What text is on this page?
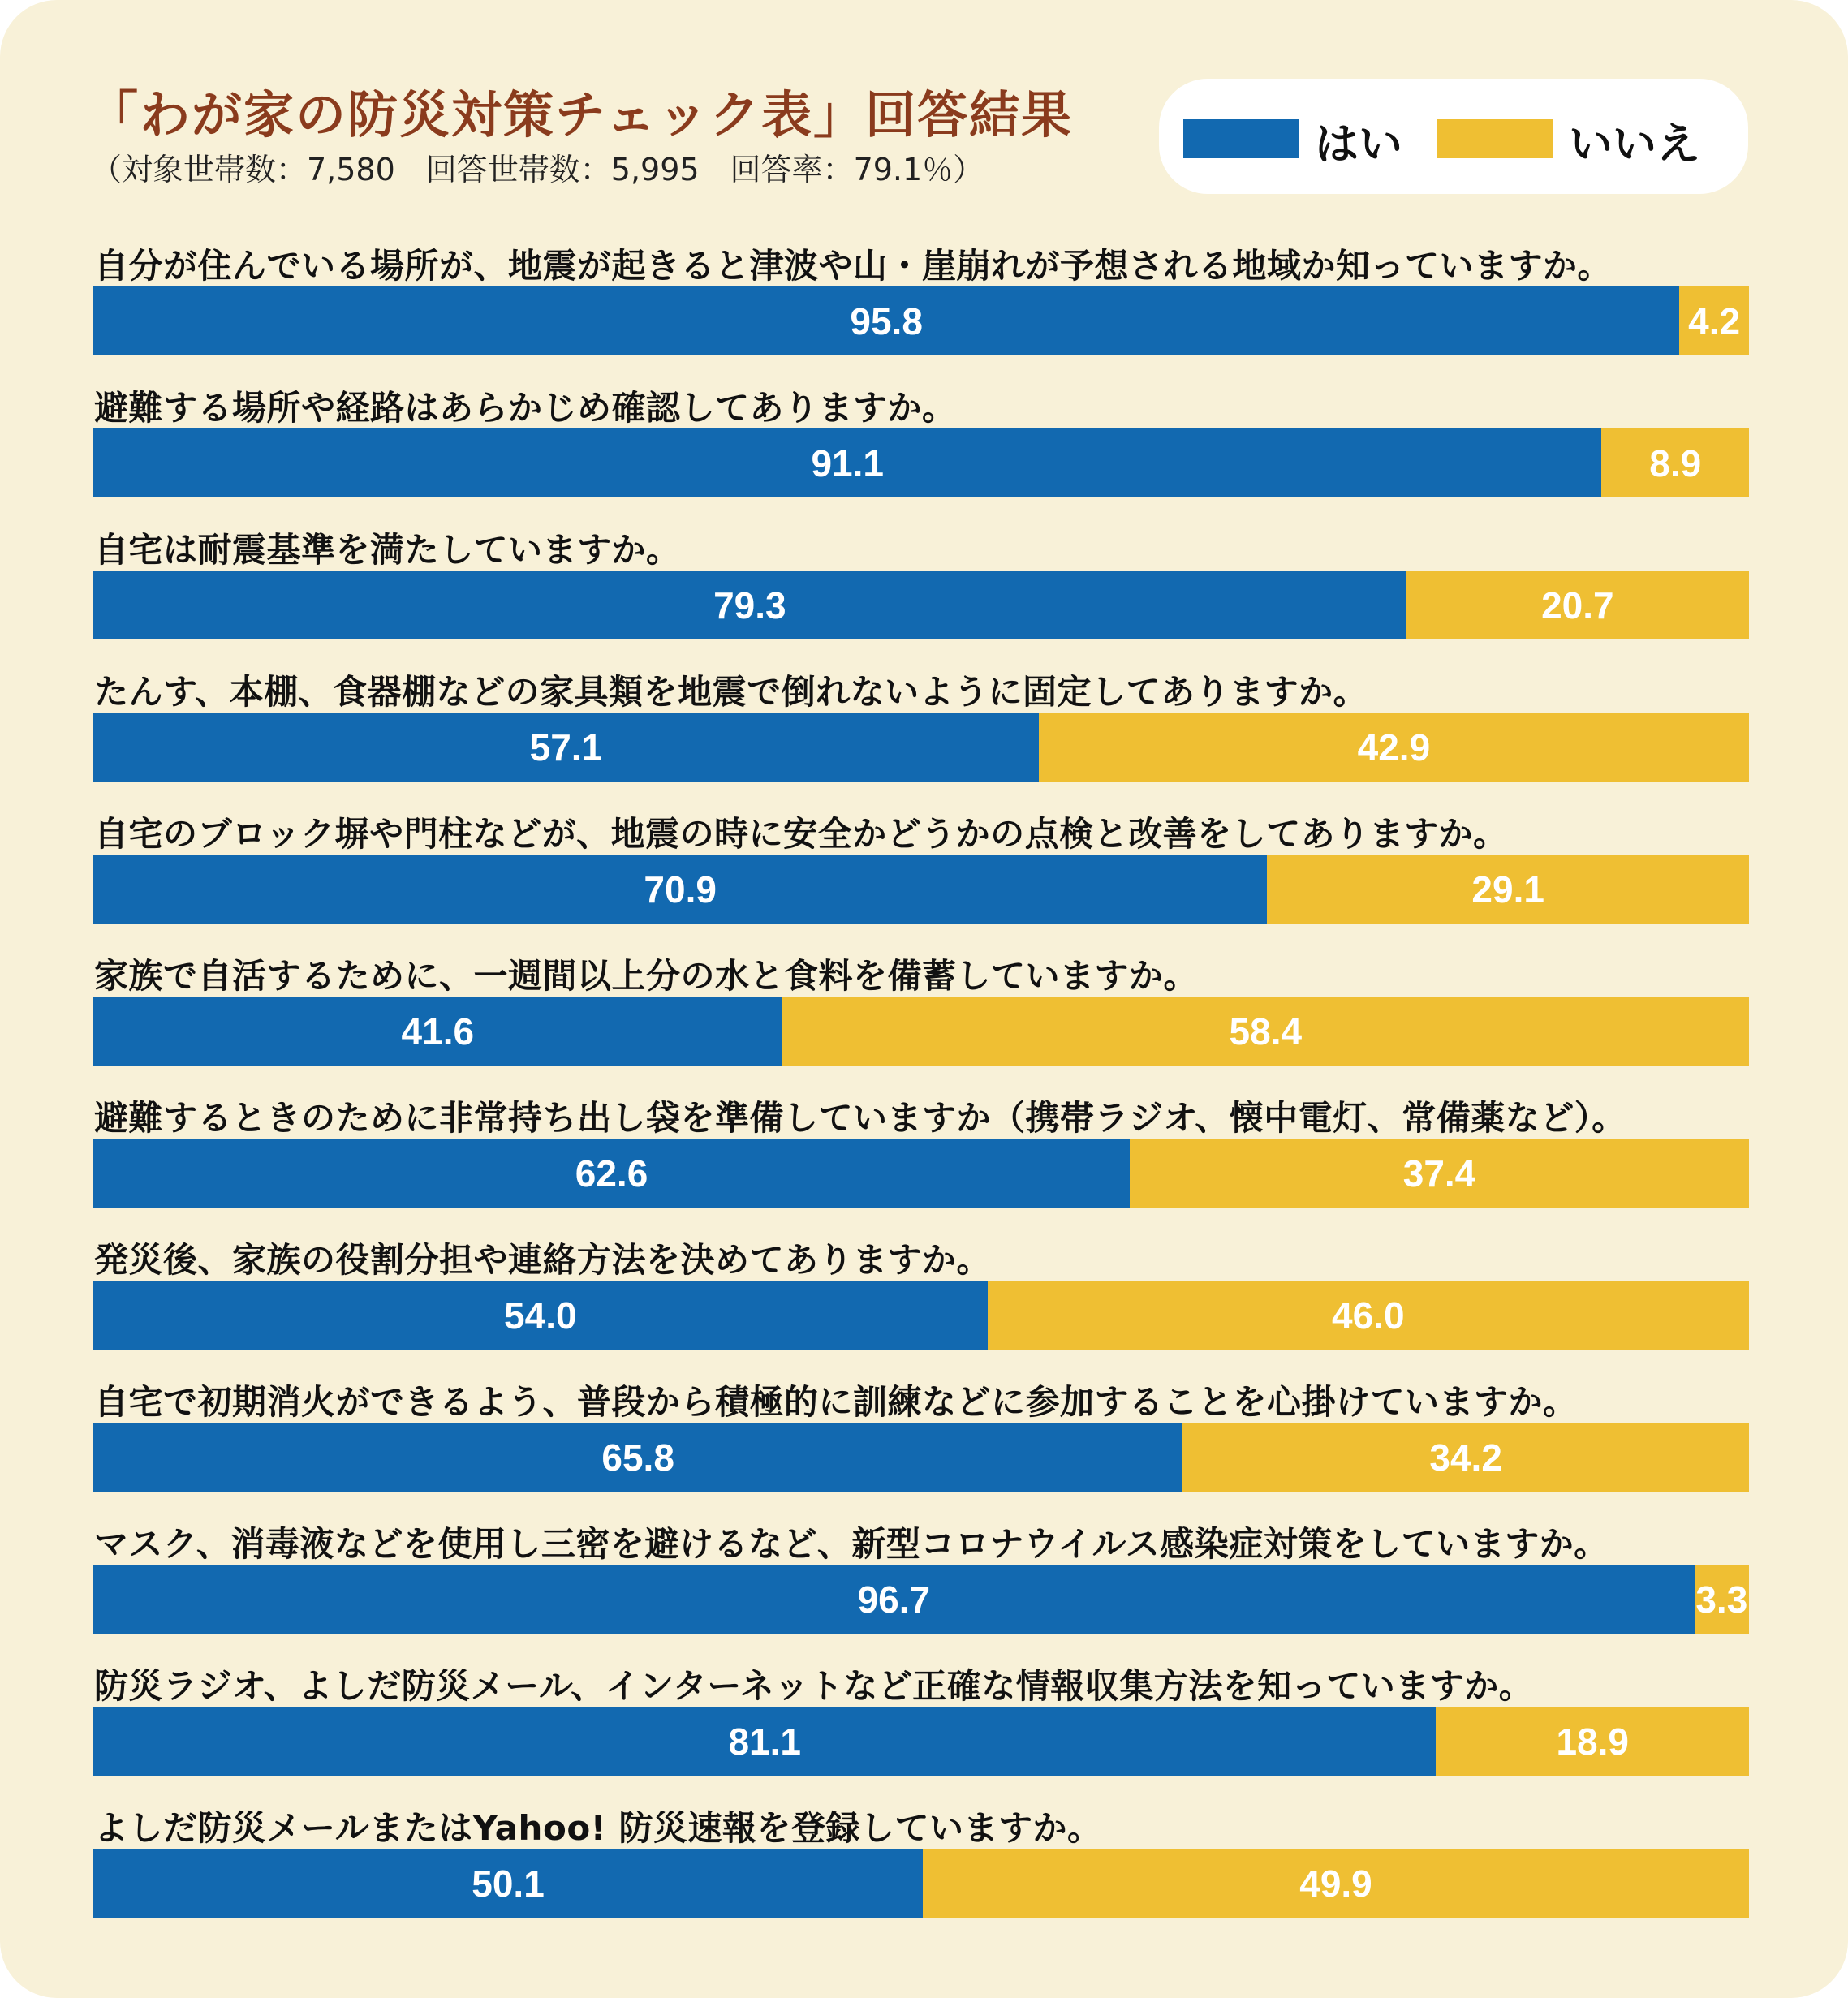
「わが家の防災対策チェック表」回答結果
（対象世帯数：7,580　回答世帯数：5,995　回答率：79.1％）	はい	いいえ
自分が住んでいる場所が、地震が起きると津波や山・崖崩れが予想される地域か知っていますか。
95.8	4.2
避難する場所や経路はあらかじめ確認してありますか。
91.1	8.9
自宅は耐震基準を満たしていますか。
79.3	20.7
たんす、本棚、食器棚などの家具類を地震で倒れないように固定してありますか。
57.1	42.9
自宅のブロック塀や門柱などが、地震の時に安全かどうかの点検と改善をしてありますか。
70.9	29.1
家族で自活するために、一週間以上分の水と食料を備蓄していますか。
41.6	58.4
避難するときのために非常持ち出し袋を準備していますか（携帯ラジオ、懐中電灯、常備薬など）。
62.6	37.4
発災後、家族の役割分担や連絡方法を決めてありますか。
54.0	46.0
自宅で初期消火ができるよう、普段から積極的に訓練などに参加することを心掛けていますか。
65.8	34.2
マスク、消毒液などを使用し三密を避けるなど、新型コロナウイルス感染症対策をしていますか。
96.7	3.3
防災ラジオ、よしだ防災メール、インターネットなど正確な情報収集方法を知っていますか。
81.1	18.9
よしだ防災メールまたはYahoo! 防災速報を登録していますか。
50.1	49.9
